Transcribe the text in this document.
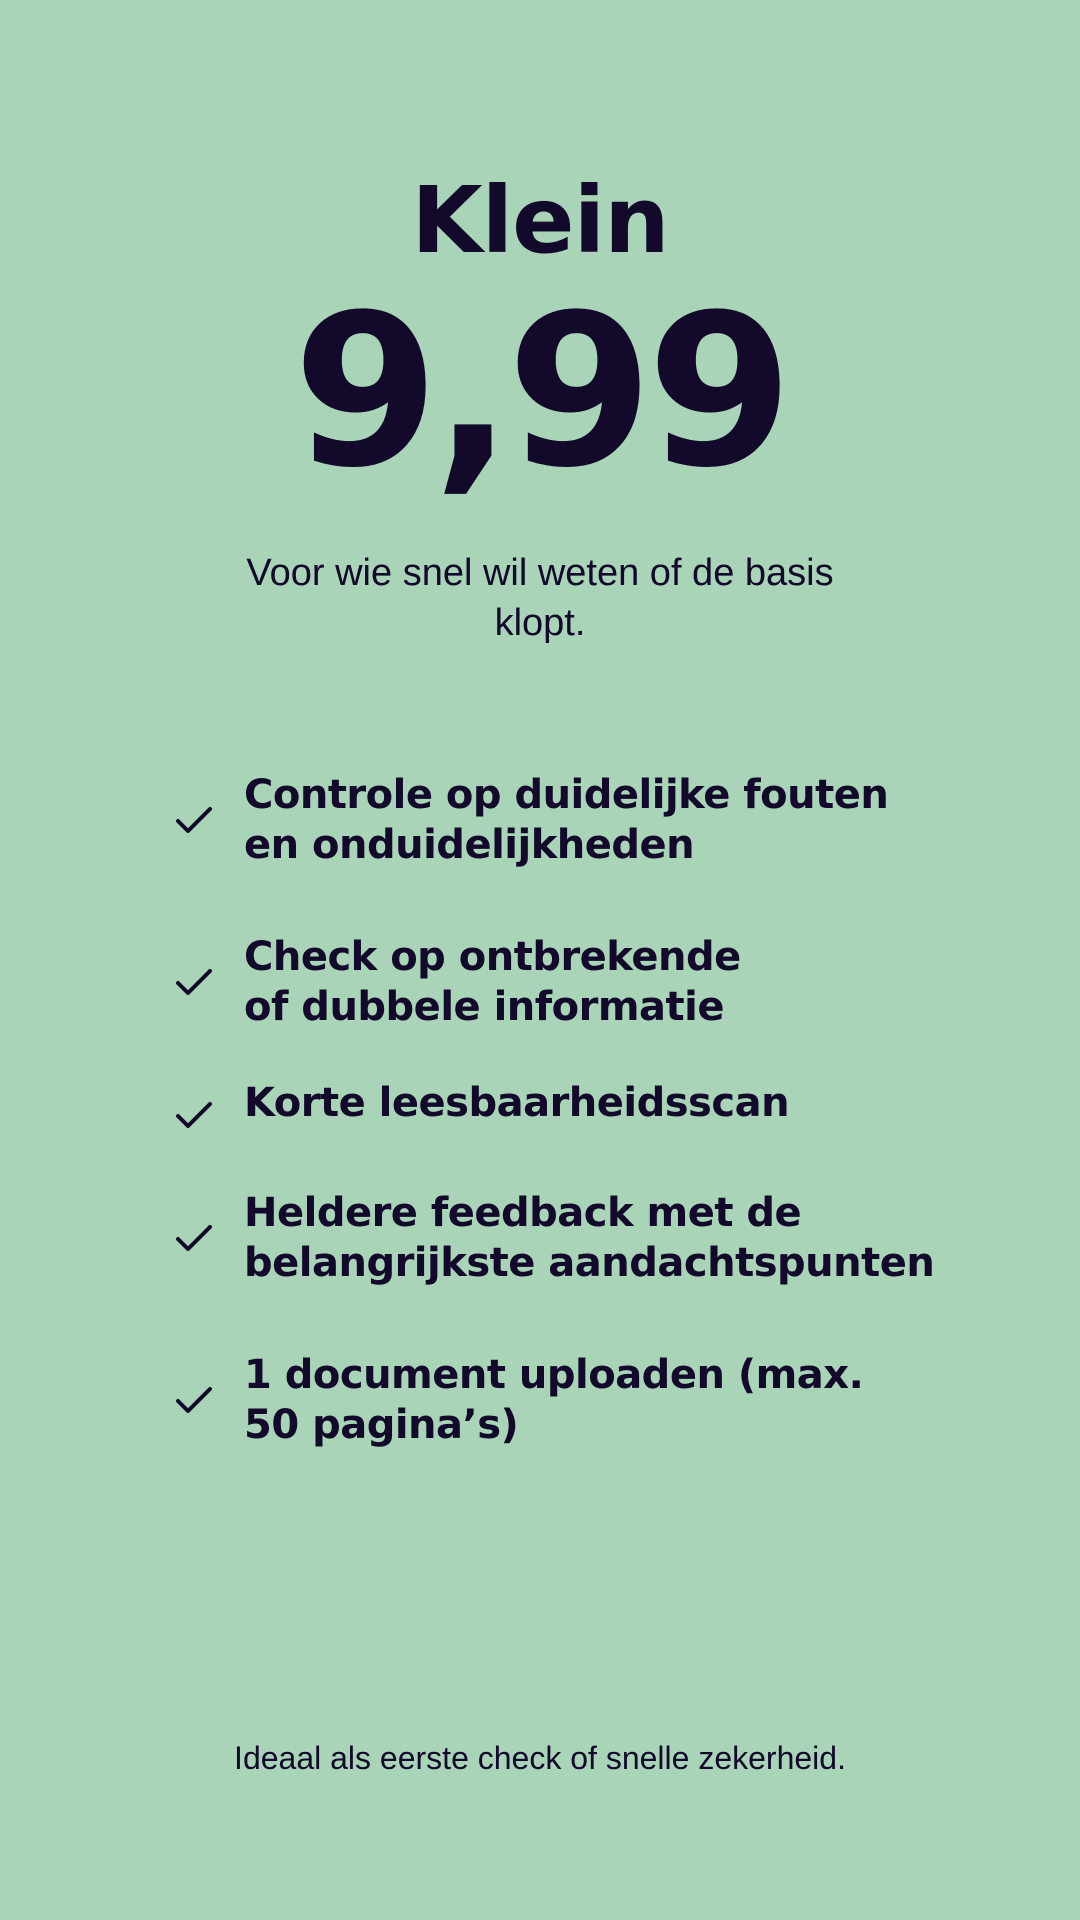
Klein
9,99
Voor wie snel wil weten of de basis klopt.
Controle op duidelijke fouten en onduidelijkheden
Check op ontbrekende of dubbele informatie
Korte leesbaarheidsscan
Heldere feedback met de belangrijkste aandachtspunten
1 document uploaden (max. 50 pagina’s)
Ideaal als eerste check of snelle zekerheid.
